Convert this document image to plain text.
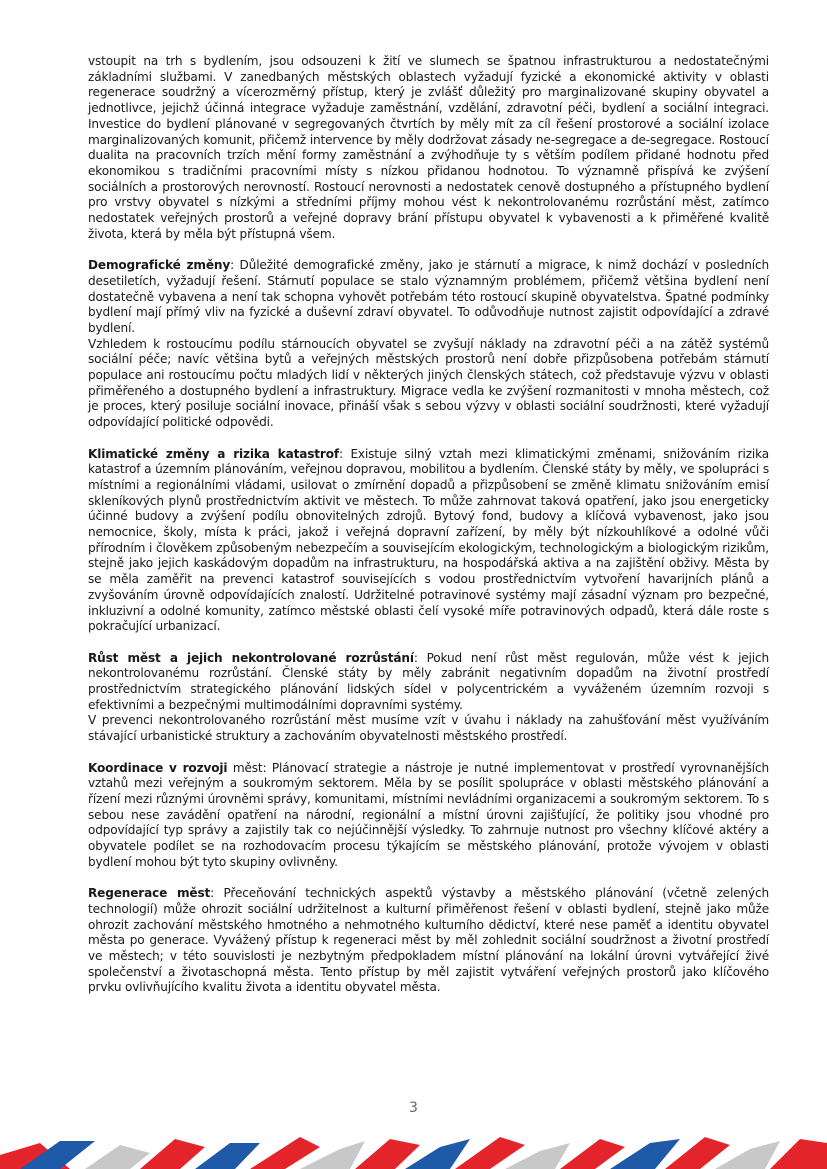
vstoupit na trh s bydlením, jsou odsouzeni k žití ve slumech se špatnou infrastrukturou a nedostatečnými základními službami. V zanedbaných městských oblastech vyžadují fyzické a ekonomické aktivity v oblasti regenerace soudržný a vícerozměrný přístup, který je zvlášť důležitý pro marginalizované skupiny obyvatel a jednotlivce, jejichž účinná integrace vyžaduje zaměstnání, vzdělání, zdravotní péči, bydlení a sociální integraci. Investice do bydlení plánované v segregovaných čtvrtích by měly mít za cíl řešení prostorové a sociální izolace marginalizovaných komunit, přičemž intervence by měly dodržovat zásady ne-segregace a de-segregace. Rostoucí dualita na pracovních trzích mění formy zaměstnání a zvýhodňuje ty s větším podílem přidané hodnotu před ekonomikou s tradičními pracovními místy s nízkou přidanou hodnotou. To významně přispívá ke zvýšení sociálních a prostorových nerovností. Rostoucí nerovnosti a nedostatek cenově dostupného a přístupného bydlení pro vrstvy obyvatel s nízkými a středními příjmy mohou vést k nekontrolovanému rozrůstání měst, zatímco nedostatek veřejných prostorů a veřejné dopravy brání přístupu obyvatel k vybavenosti a k přiměřené kvalitě života, která by měla být přístupná všem.

Demografické změny: Důležité demografické změny, jako je stárnutí a migrace, k nimž dochází v posledních desetiletích, vyžadují řešení. Stárnutí populace se stalo významným problémem, přičemž většina bydlení není dostatečně vybavena a není tak schopna vyhovět potřebám této rostoucí skupině obyvatelstva. Špatné podmínky bydlení mají přímý vliv na fyzické a duševní zdraví obyvatel. To odůvodňuje nutnost zajistit odpovídající a zdravé bydlení.

Vzhledem k rostoucímu podílu stárnoucích obyvatel se zvyšují náklady na zdravotní péči a na zátěž systémů sociální péče; navíc většina bytů a veřejných městských prostorů není dobře přizpůsobena potřebám stárnutí populace ani rostoucímu počtu mladých lidí v některých jiných členských státech, což představuje výzvu v oblasti přiměřeného a dostupného bydlení a infrastruktury. Migrace vedla ke zvýšení rozmanitosti v mnoha městech, což je proces, který posiluje sociální inovace, přináší však s sebou výzvy v oblasti sociální soudržnosti, které vyžadují odpovídající politické odpovědi.

Klimatické změny a rizika katastrof: Existuje silný vztah mezi klimatickými změnami, snižováním rizika katastrof a územním plánováním, veřejnou dopravou, mobilitou a bydlením. Členské státy by měly, ve spolupráci s místními a regionálními vládami, usilovat o zmírnění dopadů a přizpůsobení se změně klimatu snižováním emisí skleníkových plynů prostřednictvím aktivit ve městech. To může zahrnovat taková opatření, jako jsou energeticky účinné budovy a zvýšení podílu obnovitelných zdrojů. Bytový fond, budovy a klíčová vybavenost, jako jsou nemocnice, školy, místa k práci, jakož i veřejná dopravní zařízení, by měly být nízkouhlíkové a odolné vůči přírodním i člověkem způsobeným nebezpečím a souvisejícím ekologickým, technologickým a biologickým rizikům, stejně jako jejich kaskádovým dopadům na infrastrukturu, na hospodářská aktiva a na zajištění obživy. Města by se měla zaměřit na prevenci katastrof souvisejících s vodou prostřednictvím vytvoření havarijních plánů a zvyšováním úrovně odpovídajících znalostí. Udržitelné potravinové systémy mají zásadní význam pro bezpečné, inkluzivní a odolné komunity, zatímco městské oblasti čelí vysoké míře potravinových odpadů, která dále roste s pokračující urbanizací.

Růst měst a jejich nekontrolované rozrůstání: Pokud není růst měst regulován, může vést k jejich nekontrolovanému rozrůstání. Členské státy by měly zabránit negativním dopadům na životní prostředí prostřednictvím strategického plánování lidských sídel v polycentrickém a vyváženém územním rozvoji s efektivními a bezpečnými multimodálními dopravními systémy.

V prevenci nekontrolovaného rozrůstání měst musíme vzít v úvahu i náklady na zahušťování měst využíváním stávající urbanistické struktury a zachováním obyvatelnosti městského prostředí.

Koordinace v rozvoji měst: Plánovací strategie a nástroje je nutné implementovat v prostředí vyrovnanějších vztahů mezi veřejným a soukromým sektorem. Měla by se posílit spolupráce v oblasti městského plánování a řízení mezi různými úrovněmi správy, komunitami, místními nevládními organizacemi a soukromým sektorem. To s sebou nese zavádění opatření na národní, regionální a místní úrovni zajišťující, že politiky jsou vhodné pro odpovídající typ správy a zajistily tak co nejúčinnější výsledky. To zahrnuje nutnost pro všechny klíčové aktéry a obyvatele podílet se na rozhodovacím procesu týkajícím se městského plánování, protože vývojem v oblasti bydlení mohou být tyto skupiny ovlivněny.

Regenerace měst: Přeceňování technických aspektů výstavby a městského plánování (včetně zelených technologií) může ohrozit sociální udržitelnost a kulturní přiměřenost řešení v oblasti bydlení, stejně jako může ohrozit zachování městského hmotného a nehmotného kulturního dědictví, které nese paměť a identitu obyvatel města po generace. Vyvážený přístup k regeneraci měst by měl zohlednit sociální soudržnost a životní prostředí ve městech; v této souvislosti je nezbytným předpokladem místní plánování na lokální úrovni vytvářející živé společenství a životaschopná města. Tento přístup by měl zajistit vytváření veřejných prostorů jako klíčového prvku ovlivňujícího kvalitu života a identitu obyvatel města.

3
